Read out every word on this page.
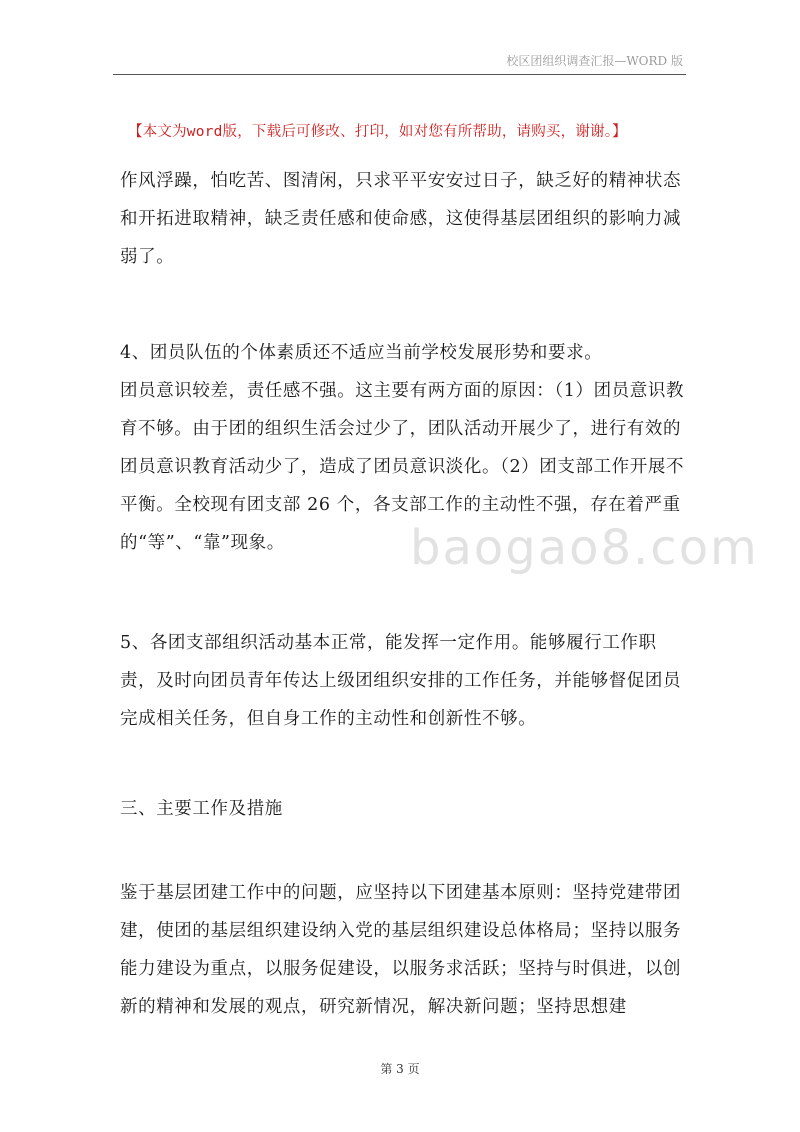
校区团组织调查汇报—WORD 版
【本文为word版，下载后可修改、打印，如对您有所帮助，请购买，谢谢。】

作风浮躁，怕吃苦、图清闲，只求平平安安过日子，缺乏好的精神状态和开拓进取精神，缺乏责任感和使命感，这使得基层团组织的影响力减弱了。

4、团员队伍的个体素质还不适应当前学校发展形势和要求。

团员意识较差，责任感不强。这主要有两方面的原因：（1）团员意识教育不够。由于团的组织生活会过少了，团队活动开展少了，进行有效的团员意识教育活动少了，造成了团员意识淡化。（2）团支部工作开展不平衡。全校现有团支部 26 个，各支部工作的主动性不强，存在着严重的“等”、“靠”现象。

5、各团支部组织活动基本正常，能发挥一定作用。能够履行工作职责，及时向团员青年传达上级团组织安排的工作任务，并能够督促团员完成相关任务，但自身工作的主动性和创新性不够。

三、主要工作及措施

鉴于基层团建工作中的问题，应坚持以下团建基本原则：坚持党建带团建，使团的基层组织建设纳入党的基层组织建设总体格局；坚持以服务能力建设为重点，以服务促建设，以服务求活跃；坚持与时俱进，以创新的精神和发展的观点，研究新情况，解决新问题；坚持思想建

baogao8.com
第 3 页
